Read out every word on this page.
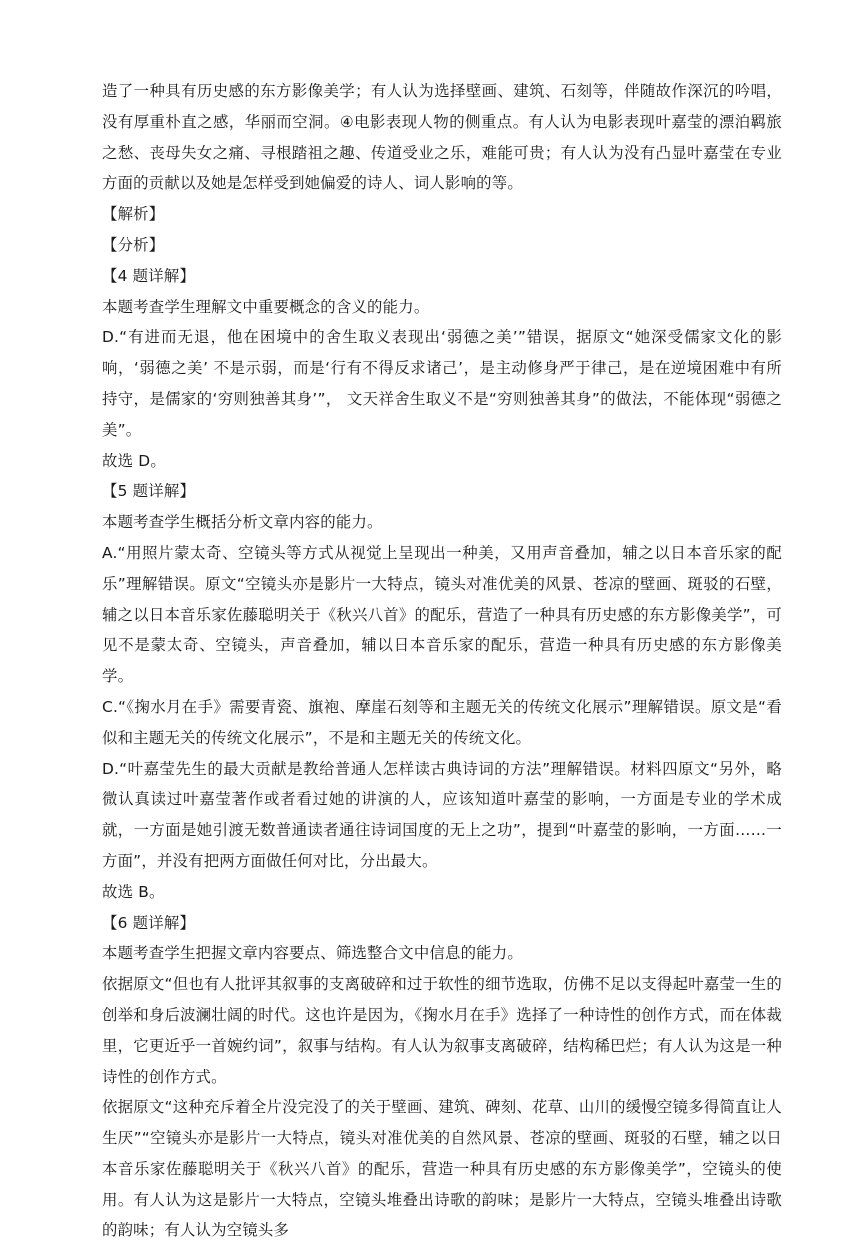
造了一种具有历史感的东方影像美学；有人认为选择壁画、建筑、石刻等，伴随故作深沉的吟唱，没有厚重朴直之感，华丽而空洞。④电影表现人物的侧重点。有人认为电影表现叶嘉莹的漂泊羁旅之愁、丧母失女之痛、寻根踏祖之趣、传道受业之乐，难能可贵；有人认为没有凸显叶嘉莹在专业方面的贡献以及她是怎样受到她偏爱的诗人、词人影响的等。

【解析】

【分析】

【4 题详解】

本题考查学生理解文中重要概念的含义的能力。

D.“有进而无退，他在困境中的舍生取义表现出‘弱德之美’”错误，据原文“她深受儒家文化的影响，‘弱德之美’ 不是示弱，而是‘行有不得反求诸己’，是主动修身严于律己，是在逆境困难中有所持守，是儒家的‘穷则独善其身’”， 文天祥舍生取义不是“穷则独善其身”的做法，不能体现“弱德之美”。

故选 D。

【5 题详解】

本题考查学生概括分析文章内容的能力。

A.“用照片蒙太奇、空镜头等方式从视觉上呈现出一种美，又用声音叠加，辅之以日本音乐家的配乐”理解错误。原文“空镜头亦是影片一大特点，镜头对准优美的风景、苍凉的壁画、斑驳的石壁，辅之以日本音乐家佐藤聪明关于《秋兴八首》的配乐，营造了一种具有历史感的东方影像美学”，可见不是蒙太奇、空镜头，声音叠加，辅以日本音乐家的配乐，营造一种具有历史感的东方影像美学。

C.“《掬水月在手》需要青瓷、旗袍、摩崖石刻等和主题无关的传统文化展示”理解错误。原文是“看似和主题无关的传统文化展示”，不是和主题无关的传统文化。

D.“叶嘉莹先生的最大贡献是教给普通人怎样读古典诗词的方法”理解错误。材料四原文“另外，略微认真读过叶嘉莹著作或者看过她的讲演的人，应该知道叶嘉莹的影响，一方面是专业的学术成就，一方面是她引渡无数普通读者通往诗词国度的无上之功”，提到“叶嘉莹的影响，一方面……一方面”，并没有把两方面做任何对比，分出最大。

故选 B。

【6 题详解】

本题考查学生把握文章内容要点、筛选整合文中信息的能力。

依据原文“但也有人批评其叙事的支离破碎和过于软性的细节选取，仿佛不足以支得起叶嘉莹一生的创举和身后波澜壮阔的时代。这也许是因为，《掬水月在手》选择了一种诗性的创作方式，而在体裁里，它更近乎一首婉约词”，叙事与结构。有人认为叙事支离破碎，结构稀巴烂；有人认为这是一种诗性的创作方式。

依据原文“这种充斥着全片没完没了的关于壁画、建筑、碑刻、花草、山川的缓慢空镜多得简直让人生厌”“空镜头亦是影片一大特点，镜头对准优美的自然风景、苍凉的壁画、斑驳的石壁，辅之以日本音乐家佐藤聪明关于《秋兴八首》的配乐，营造一种具有历史感的东方影像美学”，空镜头的使用。有人认为这是影片一大特点，空镜头堆叠出诗歌的韵味；是影片一大特点，空镜头堆叠出诗歌的韵味；有人认为空镜头多
